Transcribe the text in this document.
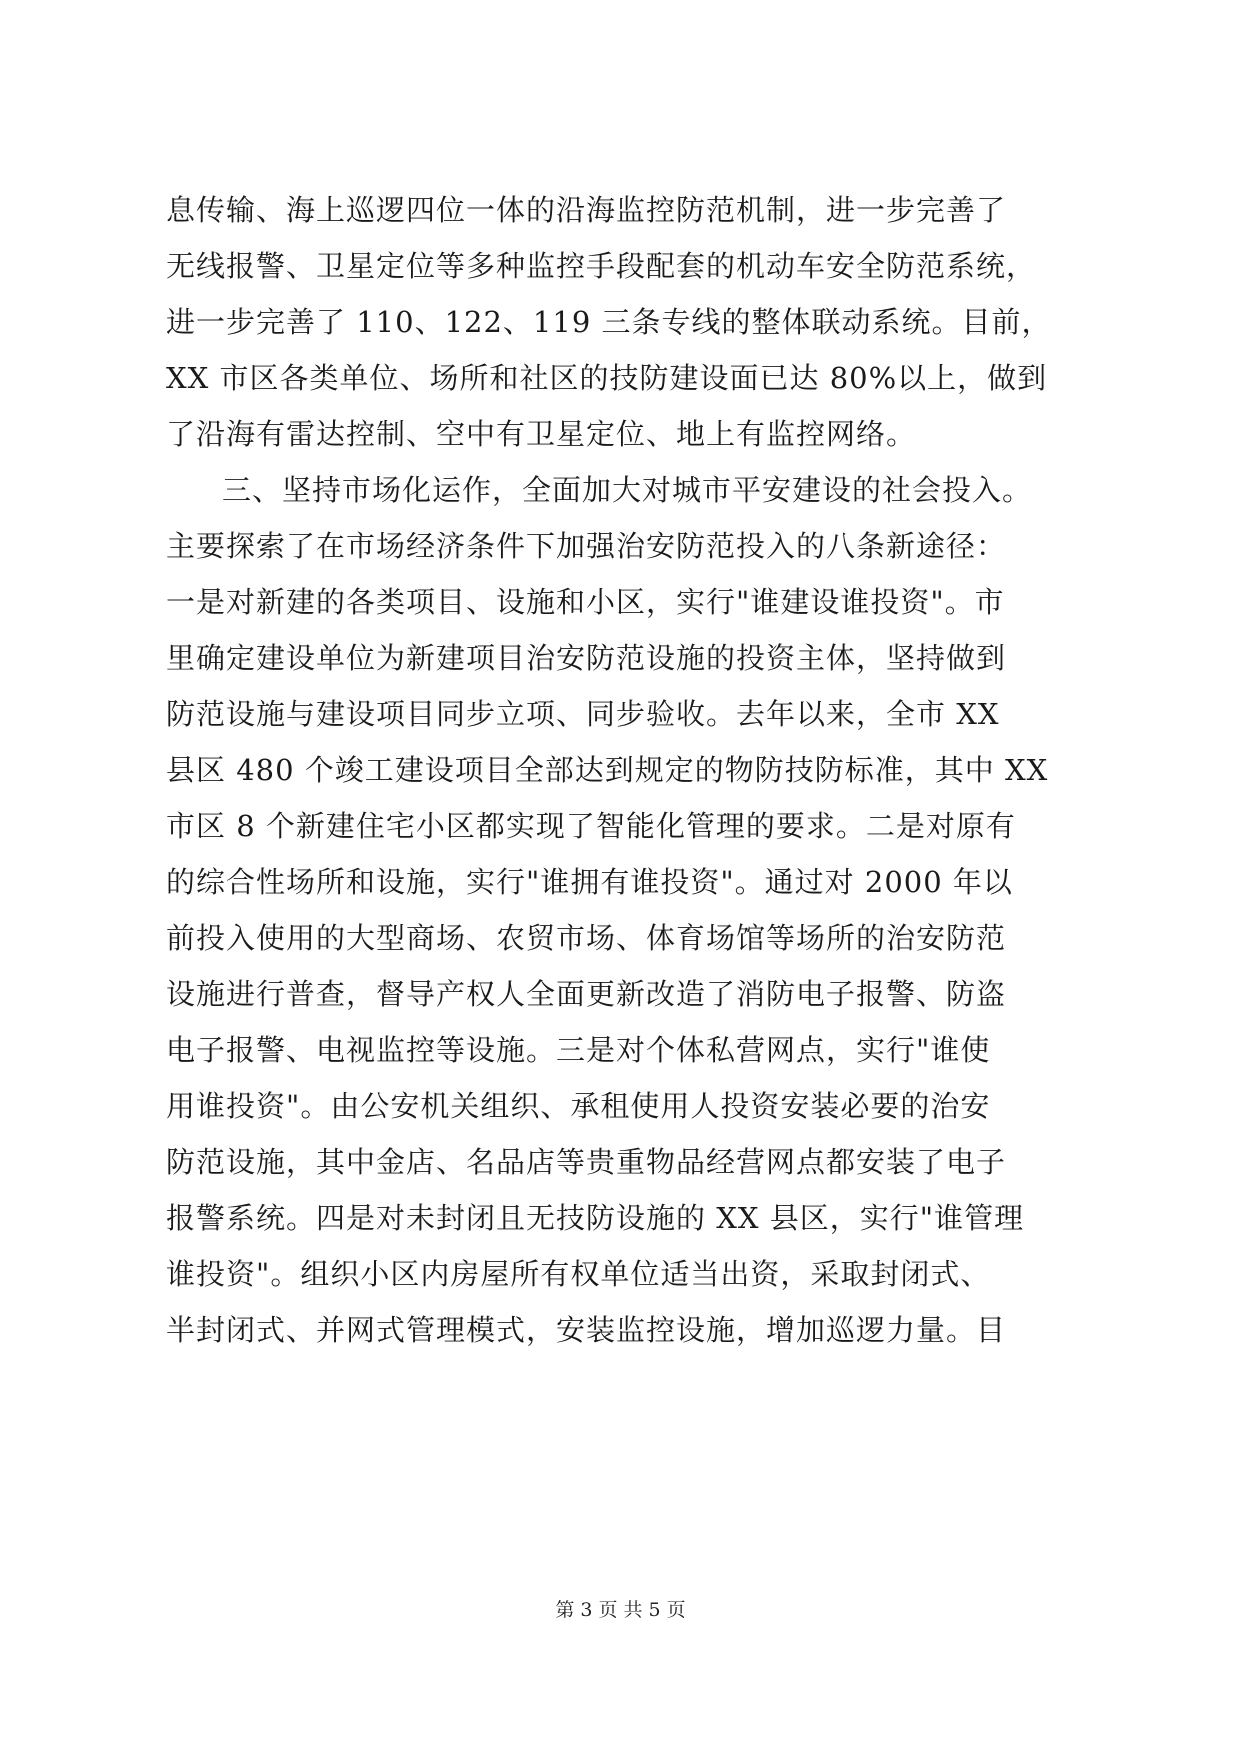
息传输、海上巡逻四位一体的沿海监控防范机制，进一步完善了
无线报警、卫星定位等多种监控手段配套的机动车安全防范系统，
进一步完善了 110、122、119 三条专线的整体联动系统。目前，
XX 市区各类单位、场所和社区的技防建设面已达 80%以上，做到
了沿海有雷达控制、空中有卫星定位、地上有监控网络。
三、坚持市场化运作，全面加大对城市平安建设的社会投入。
主要探索了在市场经济条件下加强治安防范投入的八条新途径：
一是对新建的各类项目、设施和小区，实行"谁建设谁投资"。市
里确定建设单位为新建项目治安防范设施的投资主体，坚持做到
防范设施与建设项目同步立项、同步验收。去年以来，全市 XX
县区 480 个竣工建设项目全部达到规定的物防技防标准，其中 XX
市区 8 个新建住宅小区都实现了智能化管理的要求。二是对原有
的综合性场所和设施，实行"谁拥有谁投资"。通过对 2000 年以
前投入使用的大型商场、农贸市场、体育场馆等场所的治安防范
设施进行普查，督导产权人全面更新改造了消防电子报警、防盗
电子报警、电视监控等设施。三是对个体私营网点，实行"谁使
用谁投资"。由公安机关组织、承租使用人投资安装必要的治安
防范设施，其中金店、名品店等贵重物品经营网点都安装了电子
报警系统。四是对未封闭且无技防设施的 XX 县区，实行"谁管理
谁投资"。组织小区内房屋所有权单位适当出资，采取封闭式、
半封闭式、并网式管理模式，安装监控设施，增加巡逻力量。目
第 3 页 共 5 页
